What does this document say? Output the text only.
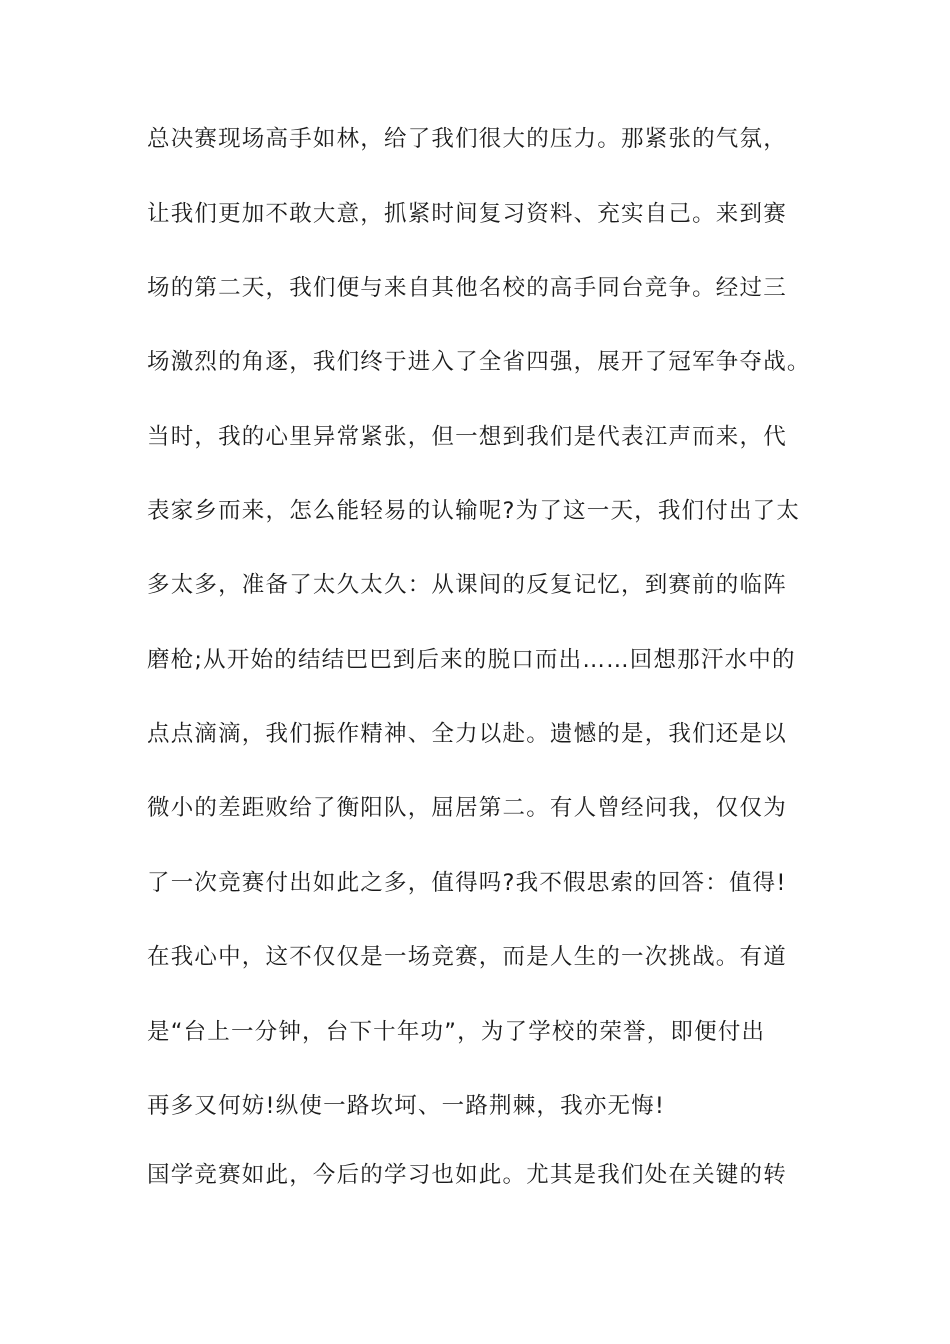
总决赛现场高手如林，给了我们很大的压力。那紧张的气氛，
让我们更加不敢大意，抓紧时间复习资料、充实自己。来到赛
场的第二天，我们便与来自其他名校的高手同台竞争。经过三
场激烈的角逐，我们终于进入了全省四强，展开了冠军争夺战。
当时，我的心里异常紧张，但一想到我们是代表江声而来，代
表家乡而来，怎么能轻易的认输呢?为了这一天，我们付出了太
多太多，准备了太久太久：从课间的反复记忆，到赛前的临阵
磨枪;从开始的结结巴巴到后来的脱口而出……回想那汗水中的
点点滴滴，我们振作精神、全力以赴。遗憾的是，我们还是以
微小的差距败给了衡阳队，屈居第二。有人曾经问我，仅仅为
了一次竞赛付出如此之多，值得吗?我不假思索的回答：值得!
在我心中，这不仅仅是一场竞赛，而是人生的一次挑战。有道
是“台上一分钟，台下十年功”，为了学校的荣誉，即便付出
再多又何妨!纵使一路坎坷、一路荆棘，我亦无悔!
国学竞赛如此，今后的学习也如此。尤其是我们处在关键的转
